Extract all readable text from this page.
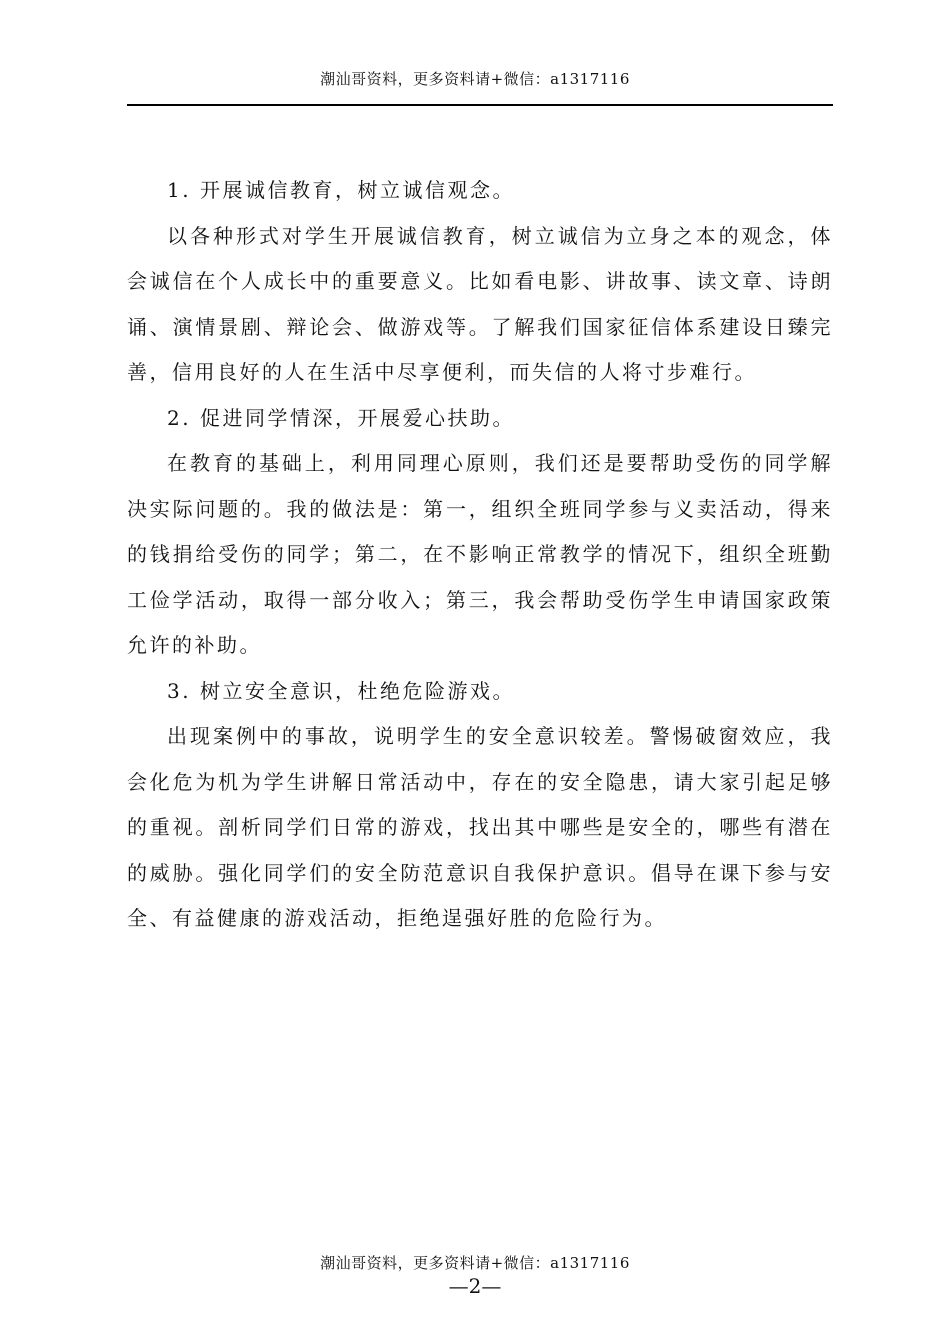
潮汕哥资料，更多资料请+微信：a1317116

1. 开展诚信教育，树立诚信观念。

以各种形式对学生开展诚信教育，树立诚信为立身之本的观念，体会诚信在个人成长中的重要意义。比如看电影、讲故事、读文章、诗朗诵、演情景剧、辩论会、做游戏等。了解我们国家征信体系建设日臻完善，信用良好的人在生活中尽享便利，而失信的人将寸步难行。

2. 促进同学情深，开展爱心扶助。

在教育的基础上，利用同理心原则，我们还是要帮助受伤的同学解决实际问题的。我的做法是：第一，组织全班同学参与义卖活动，得来的钱捐给受伤的同学；第二，在不影响正常教学的情况下，组织全班勤工俭学活动，取得一部分收入；第三，我会帮助受伤学生申请国家政策允许的补助。

3. 树立安全意识，杜绝危险游戏。

出现案例中的事故，说明学生的安全意识较差。警惕破窗效应，我会化危为机为学生讲解日常活动中，存在的安全隐患，请大家引起足够的重视。剖析同学们日常的游戏，找出其中哪些是安全的，哪些有潜在的威胁。强化同学们的安全防范意识自我保护意识。倡导在课下参与安全、有益健康的游戏活动，拒绝逞强好胜的危险行为。

潮汕哥资料，更多资料请+微信：a1317116
—2—
